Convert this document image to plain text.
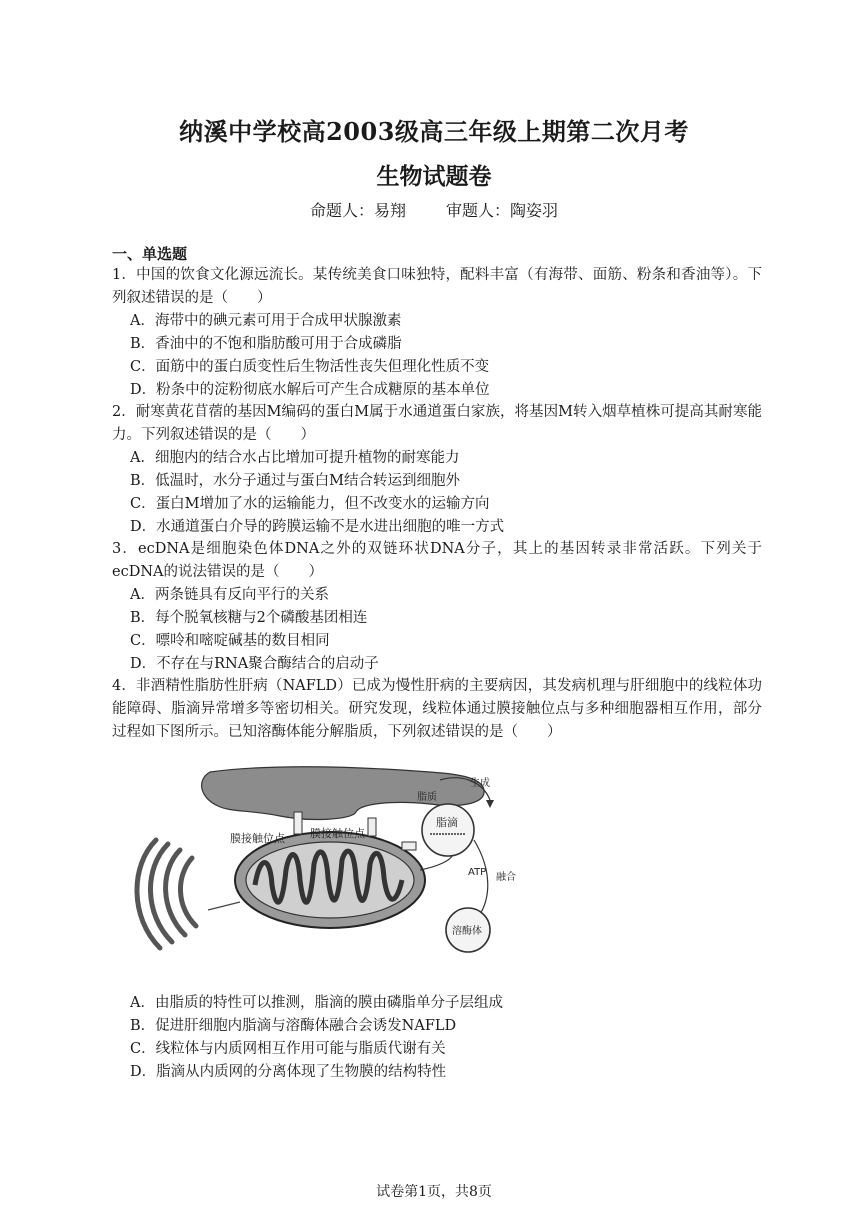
纳溪中学校高2003级高三年级上期第二次月考
生物试题卷
命题人：易翔	审题人：陶姿羽
一、单选题
1．中国的饮食文化源远流长。某传统美食口味独特，配料丰富（有海带、面筋、粉条和香油等）。下列叙述错误的是（　　）
A．海带中的碘元素可用于合成甲状腺激素
B．香油中的不饱和脂肪酸可用于合成磷脂
C．面筋中的蛋白质变性后生物活性丧失但理化性质不变
D．粉条中的淀粉彻底水解后可产生合成糖原的基本单位
2．耐寒黄花苜蓿的基因M编码的蛋白M属于水通道蛋白家族，将基因M转入烟草植株可提高其耐寒能力。下列叙述错误的是（　　）
A．细胞内的结合水占比增加可提升植物的耐寒能力
B．低温时，水分子通过与蛋白M结合转运到细胞外
C．蛋白M增加了水的运输能力，但不改变水的运输方向
D．水通道蛋白介导的跨膜运输不是水进出细胞的唯一方式
3．ecDNA是细胞染色体DNA之外的双链环状DNA分子，其上的基因转录非常活跃。下列关于ecDNA的说法错误的是（　　）
A．两条链具有反向平行的关系
B．每个脱氧核糖与2个磷酸基团相连
C．嘌呤和嘧啶碱基的数目相同
D．不存在与RNA聚合酶结合的启动子
4．非酒精性脂肪性肝病（NAFLD）已成为慢性肝病的主要病因，其发病机理与肝细胞中的线粒体功能障碍、脂滴异常增多等密切相关。研究发现，线粒体通过膜接触位点与多种细胞器相互作用，部分过程如下图所示。已知溶酶体能分解脂质，下列叙述错误的是（　　）
膜接触位点 膜接触位点
脂滴
脂质
生成
ATP 融合
溶酶体
A．由脂质的特性可以推测，脂滴的膜由磷脂单分子层组成
B．促进肝细胞内脂滴与溶酶体融合会诱发NAFLD
C．线粒体与内质网相互作用可能与脂质代谢有关
D．脂滴从内质网的分离体现了生物膜的结构特性
试卷第1页，共8页
